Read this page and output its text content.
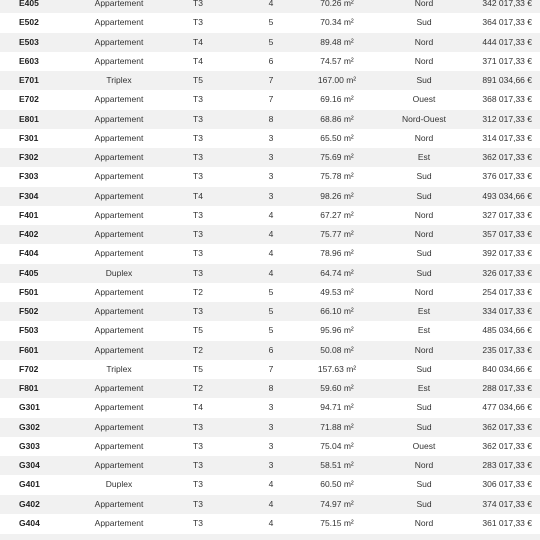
E405	Appartement	T3	4	70.26 m²	Nord	342 017,33 €
E502	Appartement	T3	5	70.34 m²	Sud	364 017,33 €
E503	Appartement	T4	5	89.48 m²	Nord	444 017,33 €
E603	Appartement	T4	6	74.57 m²	Nord	371 017,33 €
E701	Triplex	T5	7	167.00 m²	Sud	891 034,66 €
E702	Appartement	T3	7	69.16 m²	Ouest	368 017,33 €
E801	Appartement	T3	8	68.86 m²	Nord-Ouest	312 017,33 €
F301	Appartement	T3	3	65.50 m²	Nord	314 017,33 €
F302	Appartement	T3	3	75.69 m²	Est	362 017,33 €
F303	Appartement	T3	3	75.78 m²	Sud	376 017,33 €
F304	Appartement	T4	3	98.26 m²	Sud	493 034,66 €
F401	Appartement	T3	4	67.27 m²	Nord	327 017,33 €
F402	Appartement	T3	4	75.77 m²	Nord	357 017,33 €
F404	Appartement	T3	4	78.96 m²	Sud	392 017,33 €
F405	Duplex	T3	4	64.74 m²	Sud	326 017,33 €
F501	Appartement	T2	5	49.53 m²	Nord	254 017,33 €
F502	Appartement	T3	5	66.10 m²	Est	334 017,33 €
F503	Appartement	T5	5	95.96 m²	Est	485 034,66 €
F601	Appartement	T2	6	50.08 m²	Nord	235 017,33 €
F702	Triplex	T5	7	157.63 m²	Sud	840 034,66 €
F801	Appartement	T2	8	59.60 m²	Est	288 017,33 €
G301	Appartement	T4	3	94.71 m²	Sud	477 034,66 €
G302	Appartement	T3	3	71.88 m²	Sud	362 017,33 €
G303	Appartement	T3	3	75.04 m²	Ouest	362 017,33 €
G304	Appartement	T3	3	58.51 m²	Nord	283 017,33 €
G401	Duplex	T3	4	60.50 m²	Sud	306 017,33 €
G402	Appartement	T3	4	74.97 m²	Sud	374 017,33 €
G404	Appartement	T3	4	75.15 m²	Nord	361 017,33 €
